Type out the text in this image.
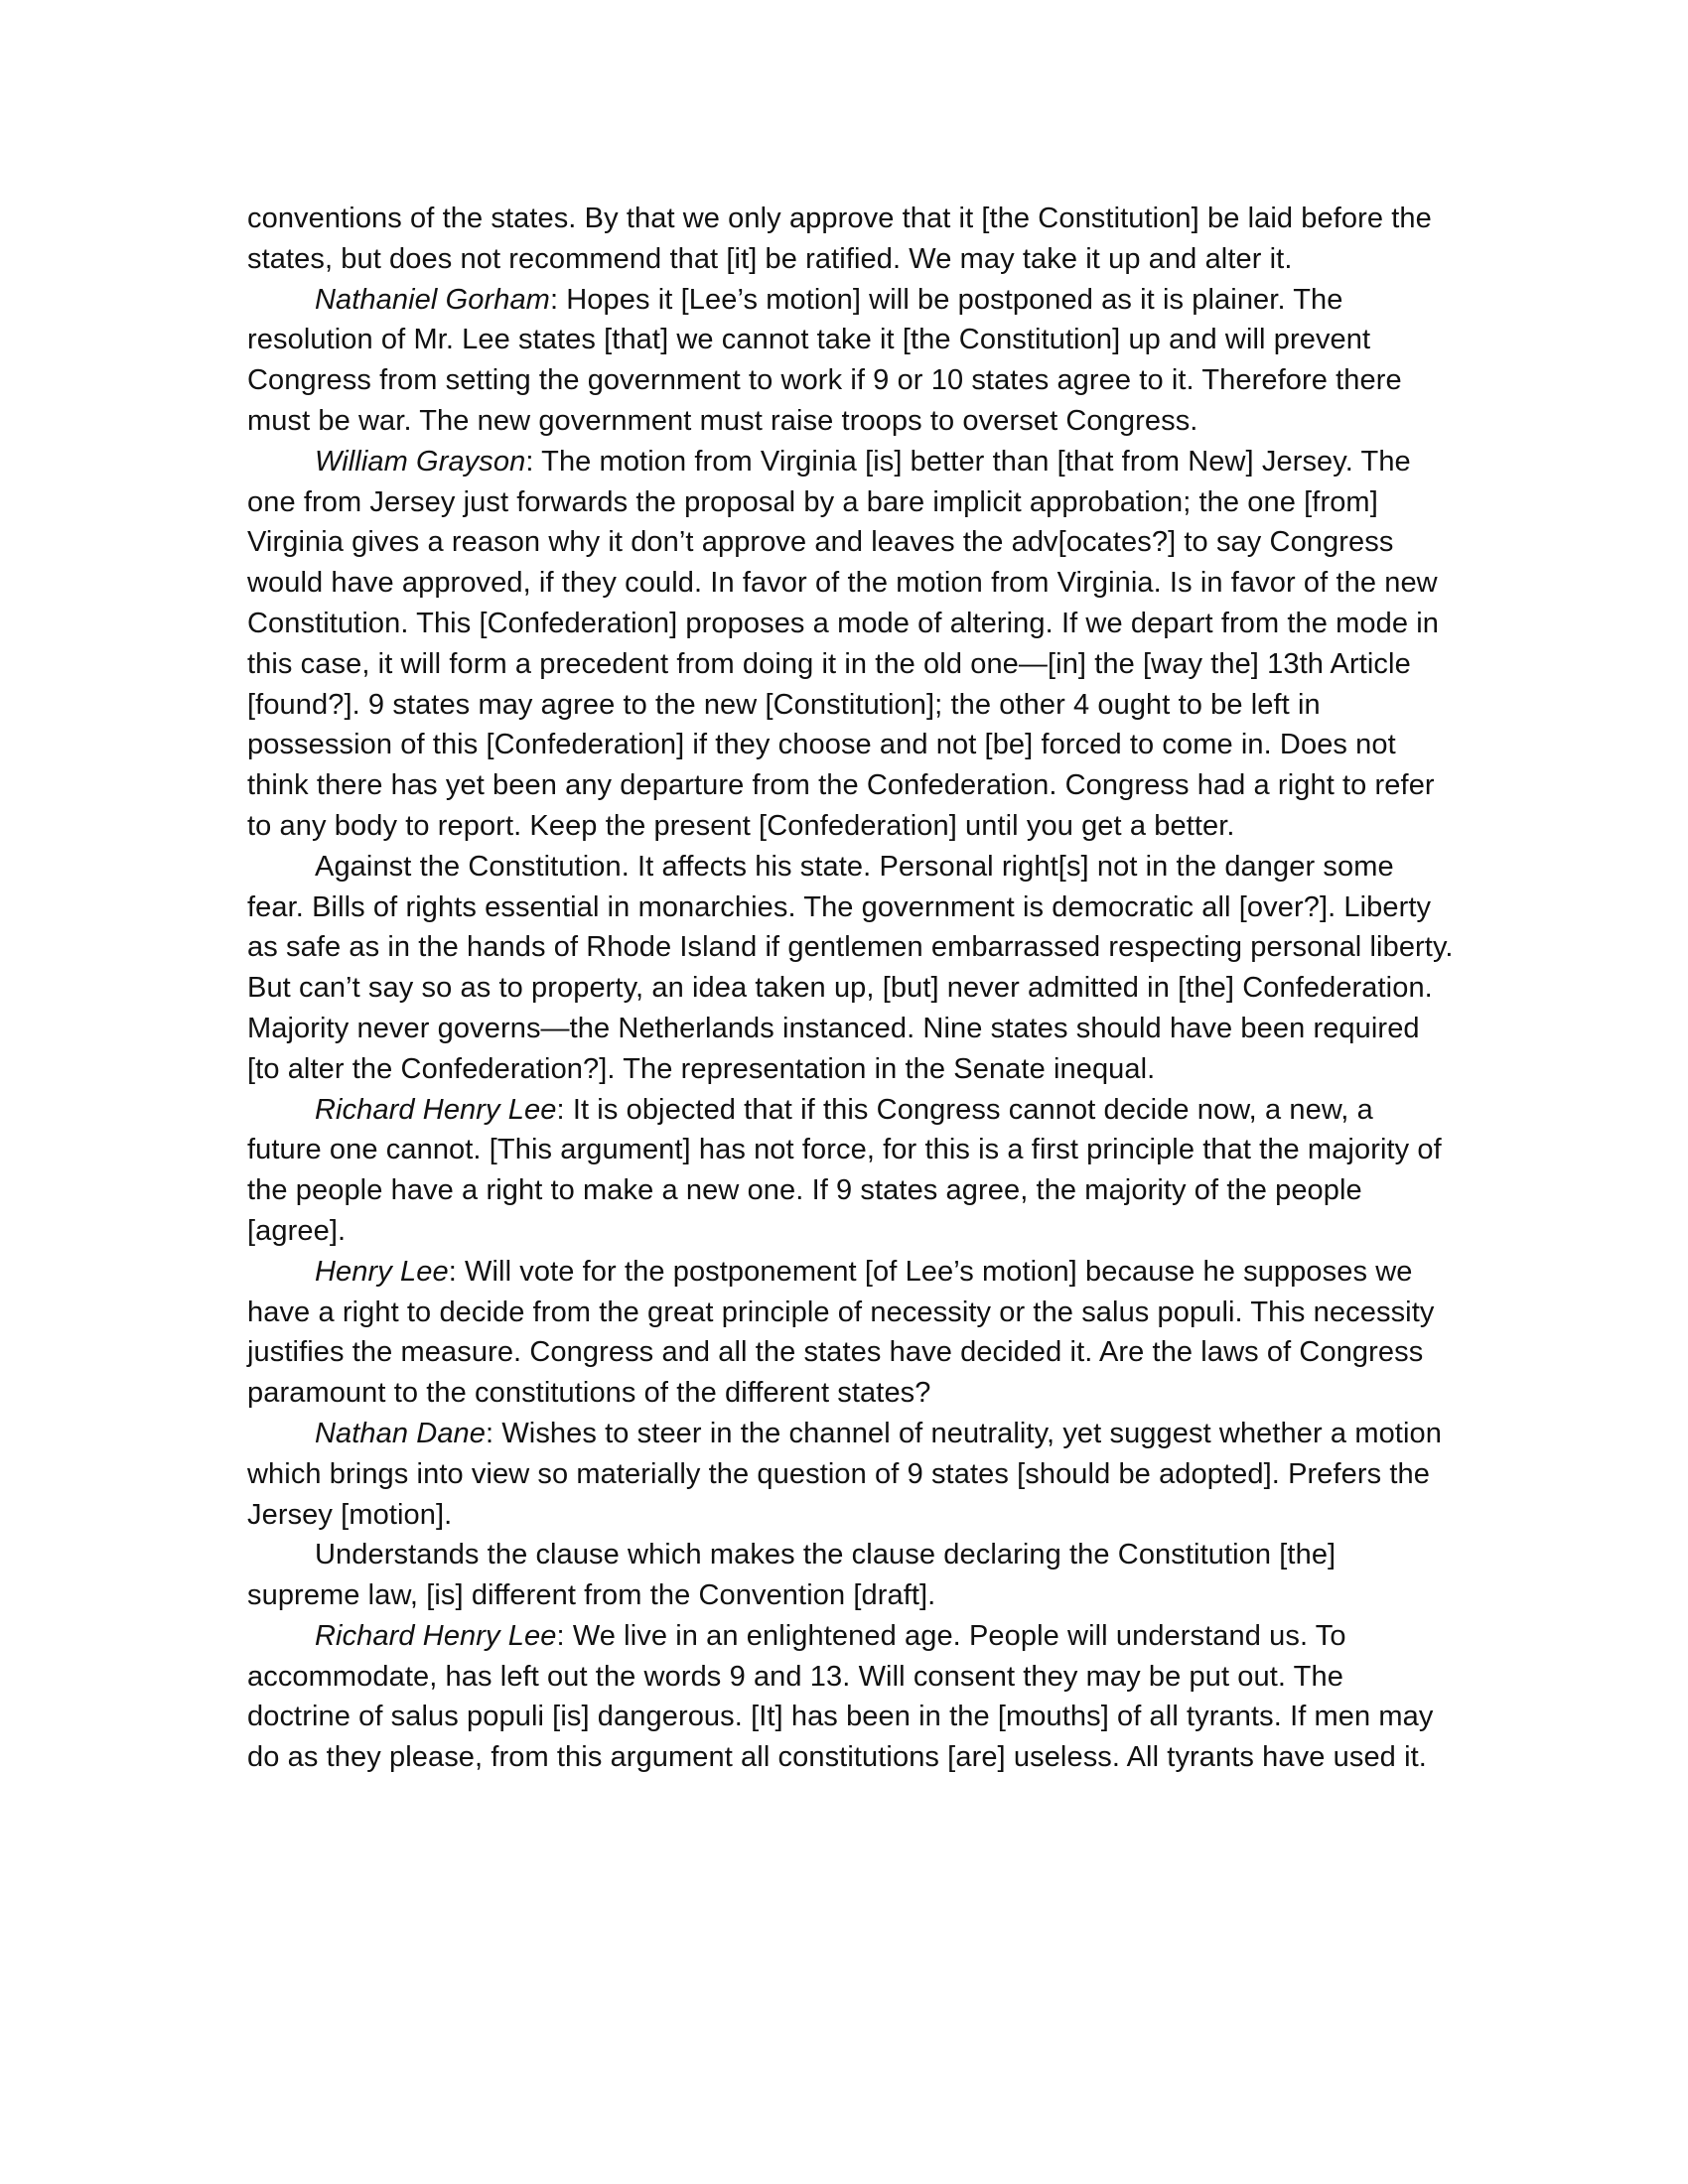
conventions of the states. By that we only approve that it [the Constitution] be laid before the states, but does not recommend that [it] be ratified. We may take it up and alter it.

Nathaniel Gorham: Hopes it [Lee’s motion] will be postponed as it is plainer. The resolution of Mr. Lee states [that] we cannot take it [the Constitution] up and will prevent Congress from setting the government to work if 9 or 10 states agree to it. Therefore there must be war. The new government must raise troops to overset Congress.

William Grayson: The motion from Virginia [is] better than [that from New] Jersey. The one from Jersey just forwards the proposal by a bare implicit approbation; the one [from] Virginia gives a reason why it don’t approve and leaves the adv[ocates?] to say Congress would have approved, if they could. In favor of the motion from Virginia. Is in favor of the new Constitution. This [Confederation] proposes a mode of altering. If we depart from the mode in this case, it will form a precedent from doing it in the old one—[in] the [way the] 13th Article [found?]. 9 states may agree to the new [Constitution]; the other 4 ought to be left in possession of this [Confederation] if they choose and not [be] forced to come in. Does not think there has yet been any departure from the Confederation. Congress had a right to refer to any body to report. Keep the present [Confederation] until you get a better.

Against the Constitution. It affects his state. Personal right[s] not in the danger some fear. Bills of rights essential in monarchies. The government is democratic all [over?]. Liberty as safe as in the hands of Rhode Island if gentlemen embarrassed respecting personal liberty. But can’t say so as to property, an idea taken up, [but] never admitted in [the] Confederation. Majority never governs—the Netherlands instanced. Nine states should have been required [to alter the Confederation?]. The representation in the Senate inequal.

Richard Henry Lee: It is objected that if this Congress cannot decide now, a new, a future one cannot. [This argument] has not force, for this is a first principle that the majority of the people have a right to make a new one. If 9 states agree, the majority of the people [agree].

Henry Lee: Will vote for the postponement [of Lee’s motion] because he supposes we have a right to decide from the great principle of necessity or the salus populi. This necessity justifies the measure. Congress and all the states have decided it. Are the laws of Congress paramount to the constitutions of the different states?

Nathan Dane: Wishes to steer in the channel of neutrality, yet suggest whether a motion which brings into view so materially the question of 9 states [should be adopted]. Prefers the Jersey [motion].

Understands the clause which makes the clause declaring the Constitution [the] supreme law, [is] different from the Convention [draft].

Richard Henry Lee: We live in an enlightened age. People will understand us. To accommodate, has left out the words 9 and 13. Will consent they may be put out. The doctrine of salus populi [is] dangerous. [It] has been in the [mouths] of all tyrants. If men may do as they please, from this argument all constitutions [are] useless. All tyrants have used it.
